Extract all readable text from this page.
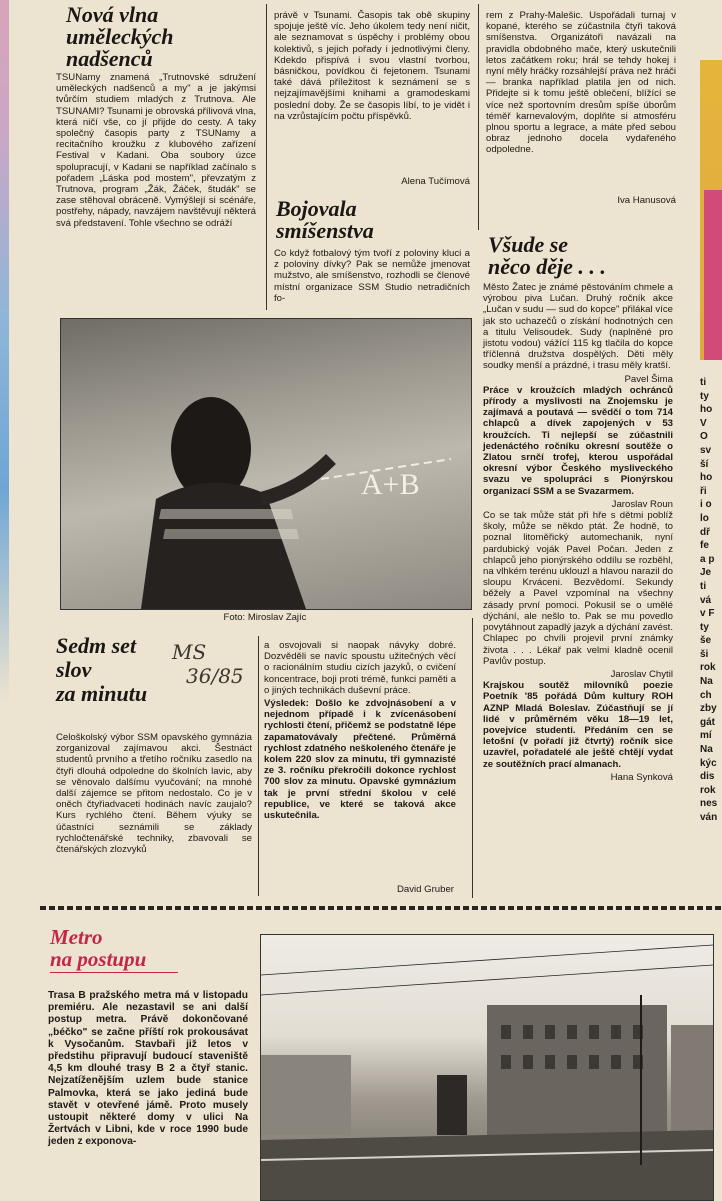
Nová vlna
uměleckých
nadšenců

TSUNamy znamená „Trutnovské sdružení uměleckých nadšenců a my" a je jakýmsi tvůrčím studiem mladých z Trutnova. Ale TSUNAMI? Tsunami je obrovská přílivová vlna, která ničí vše, co jí přijde do cesty. A taky společný časopis party z TSUNamy a recitačního kroužku z klubového zařízení Festival v Kadani. Oba soubory úzce spolupracují, v Kadani se například začínalo s pořadem „Láska pod mostem", převzatým z Trutnova, program „Žák, Žáček, študák" se zase stěhoval obráceně. Vymýšlejí si scénáře, postřehy, nápady, navzájem navštěvují některá svá představení. Tohle všechno se odráží

právě v Tsunami. Časopis tak obě skupiny spojuje ještě víc. Jeho úkolem tedy není ničit, ale seznamovat s úspěchy i problémy obou kolektivů, s jejich pořady i jednotlivými členy. Kdekdo přispívá i svou vlastní tvorbou, básničkou, povídkou či fejetonem. Tsunami také dává příležitost k seznámení se s nejzajímavějšími knihami a gramodeskami poslední doby. Že se časopis líbí, to je vidět i na vzrůstajícím počtu příspěvků.

Alena Tučímová
Bojovala
smíšenstva

Co když fotbalový tým tvoří z poloviny kluci a z poloviny dívky? Pak se nemůže jmenovat mužstvo, ale smíšenstvo, rozhodli se členové místní organizace SSM Studio netradičních fo-

rem z Prahy-Malešic. Uspořádali turnaj v kopané, kterého se zúčastnila čtyři taková smíšenstva. Organizátoři navázali na pravidla obdobného mače, který uskutečnili letos začátkem roku; hrál se tehdy hokej i nyní měly hráčky rozsáhlejší práva než hráči — branka například platila jen od nich. Přidejte si k tomu ještě oblečení, blížící se více než sportovním dresům spíše úborům téměř karnevalovým, doplňte si atmosféru plnou sportu a legrace, a máte před sebou obraz jednoho docela vydařeného odpoledne.

Iva Hanusová
Všude se
něco děje . . .

Město Žatec je známé pěstováním chmele a výrobou piva Lučan. Druhý ročník akce „Lučan v sudu — sud do kopce" přilákal více jak sto uchazečů o získání hodnotných cen a titulu Velisoudek. Sudy (naplněné pro jistotu vodou) vážící 115 kg tlačila do kopce tříčlenná družstva dospělých. Děti měly soudky menší a prázdné, i trasu měly kratší.

Pavel Šima

Práce v kroužcích mladých ochránců přírody a myslivosti na Znojemsku je zajímavá a poutavá — svědčí o tom 714 chlapců a dívek zapojených v 53 kroužcích. Ti nejlepší se zúčastnili jedenáctého ročníku okresní soutěže o Zlatou srnčí trofej, kterou uspořádal okresní výbor Českého mysliveckého svazu ve spolupráci s Pionýrskou organizací SSM a se Svazarmem.

Jaroslav Roun

Co se tak může stát při hře s dětmi poblíž školy, může se někdo ptát. Že hodně, to poznal litoměřický automechanik, nyní pardubický voják Pavel Počan. Jeden z chlapců jeho pionýrského oddílu se rozběhl, na vlhkém terénu uklouzl a hlavou narazil do sloupu Krváceni. Bezvědomí. Sekundy běžely a Pavel vzpomínal na všechny zásady první pomoci. Pokusil se o umělé dýchání, ale nešlo to. Pak se mu povedlo povytáhnout zapadlý jazyk a dýchání zavést. Chlapec po chvíli projevil první známky života . . . Lékař pak velmi kladně ocenil Pavlův postup.

Jaroslav Chytil

Krajskou soutěž milovníků poezie Poetník '85 pořádá Dům kultury ROH AZNP Mladá Boleslav. Zúčastňují se jí lidé v průměrném věku 18—19 let, povejvíce studenti. Předáním cen se letošní (v pořadí již čtvrtý) ročník sice uzavřel, pořadatelé ale ještě chtějí vydat ze soutěžních prací almanach.

Hana Synková
A+B
Foto: Miroslav Zajíc
Sedm set
slov
za minutu
MS
36/85

Celoškolský výbor SSM opavského gymnázia zorganizoval zajímavou akci. Šestnáct studentů prvního a třetího ročníku zasedlo na čtyři dlouhá odpoledne do školních lavic, aby se věnovalo dalšímu vyučování; na mnohé další zájemce se přitom nedostalo. Co je v oněch čtyřiadvaceti hodinách navíc zaujalo? Kurs rychlého čtení. Během výuky se účastníci seznámili se základy rychločtenářské techniky, zbavovali se čtenářských zlozvyků

a osvojovali si naopak návyky dobré. Dozvěděli se navíc spoustu užitečných věcí o racionálním studiu cizích jazyků, o cvičení koncentrace, boji proti trémě, funkci paměti a o jiných technikách duševní práce.

Výsledek: Došlo ke zdvojnásobení a v nejednom případě i k zvícenásobení rychlosti čtení, přičemž se podstatně lépe zapamatovávaly přečtené. Průměrná rychlost zdatného neškoleného čtenáře je kolem 220 slov za minutu, tři gymnazisté ze 3. ročníku překročili dokonce rychlost 700 slov za minutu. Opavské gymnázium tak je první střední školou v celé republice, ve které se taková akce uskutečnila.

David Gruber
Metro
na postupu

Trasa B pražského metra má v listopadu premiéru. Ale nezastavil se ani další postup metra. Právě dokončované „béčko" se začne příští rok prokousávat k Vysočanům. Stavbaři již letos v předstihu připravují budoucí staveniště 4,5 km dlouhé trasy B 2 a čtyř stanic. Nejzatíženějším uzlem bude stanice Palmovka, která se jako jediná bude stavět v otevřené jámě. Proto musely ustoupit některé domy v ulici Na Žertvách v Libni, kde v roce 1990 bude jeden z exponova-

ti
ty
ho
V
O
sv
ší
ho
ři
i o
lo
dř
fe
a p
Je
ti
vá
v F
ty
še
ši
rok
Na
ch
zby
gát
mí
Na
kýc
dis
rok
nes
ván
